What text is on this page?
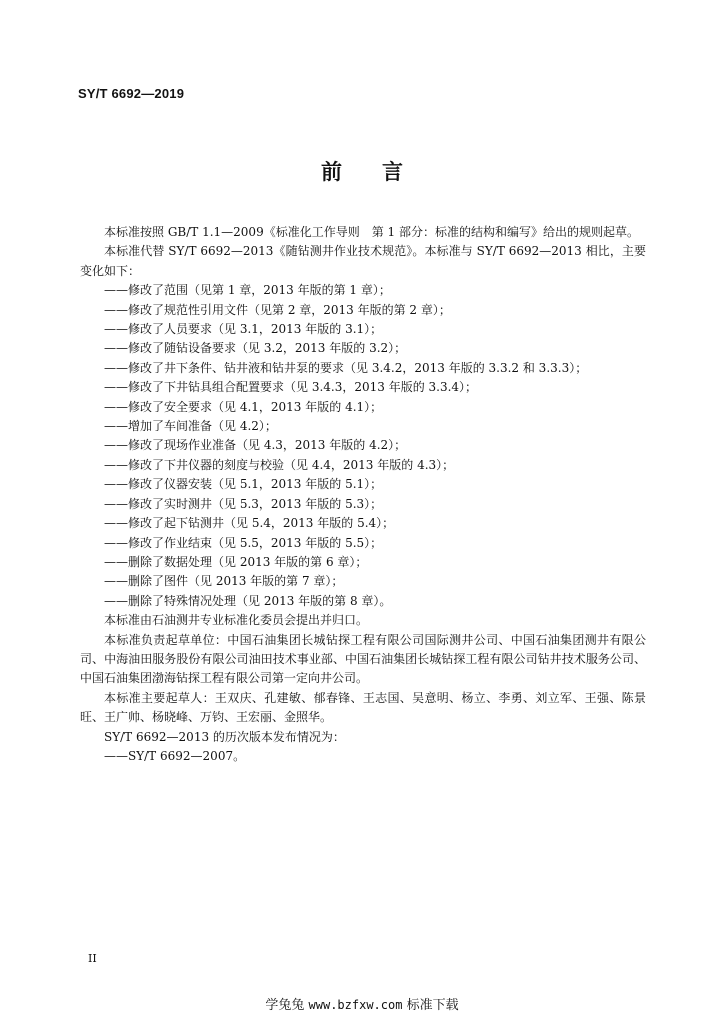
SY/T 6692—2019
前言

本标准按照 GB/T 1.1—2009《标准化工作导则　第 1 部分：标准的结构和编写》给出的规则起草。

本标准代替 SY/T 6692—2013《随钻测井作业技术规范》。本标准与 SY/T 6692—2013 相比，主要变化如下：

——修改了范围（见第 1 章，2013 年版的第 1 章）；
——修改了规范性引用文件（见第 2 章，2013 年版的第 2 章）；
——修改了人员要求（见 3.1，2013 年版的 3.1）；
——修改了随钻设备要求（见 3.2，2013 年版的 3.2）；
——修改了井下条件、钻井液和钻井泵的要求（见 3.4.2，2013 年版的 3.3.2 和 3.3.3）；
——修改了下井钻具组合配置要求（见 3.4.3，2013 年版的 3.3.4）；
——修改了安全要求（见 4.1，2013 年版的 4.1）；
——增加了车间准备（见 4.2）；
——修改了现场作业准备（见 4.3，2013 年版的 4.2）；
——修改了下井仪器的刻度与校验（见 4.4，2013 年版的 4.3）；
——修改了仪器安装（见 5.1，2013 年版的 5.1）；
——修改了实时测井（见 5.3，2013 年版的 5.3）；
——修改了起下钻测井（见 5.4，2013 年版的 5.4）；
——修改了作业结束（见 5.5，2013 年版的 5.5）；
——删除了数据处理（见 2013 年版的第 6 章）；
——删除了图件（见 2013 年版的第 7 章）；
——删除了特殊情况处理（见 2013 年版的第 8 章）。

本标准由石油测井专业标准化委员会提出并归口。

本标准负责起草单位：中国石油集团长城钻探工程有限公司国际测井公司、中国石油集团测井有限公司、中海油田服务股份有限公司油田技术事业部、中国石油集团长城钻探工程有限公司钻井技术服务公司、中国石油集团渤海钻探工程有限公司第一定向井公司。

本标准主要起草人：王双庆、孔建敏、郁春锋、王志国、吴意明、杨立、李勇、刘立军、王强、陈景旺、王广帅、杨晓峰、万钧、王宏丽、金照华。

SY/T 6692—2013 的历次版本发布情况为：

——SY/T 6692—2007。
II
学兔兔 www.bzfxw.com 标准下载
